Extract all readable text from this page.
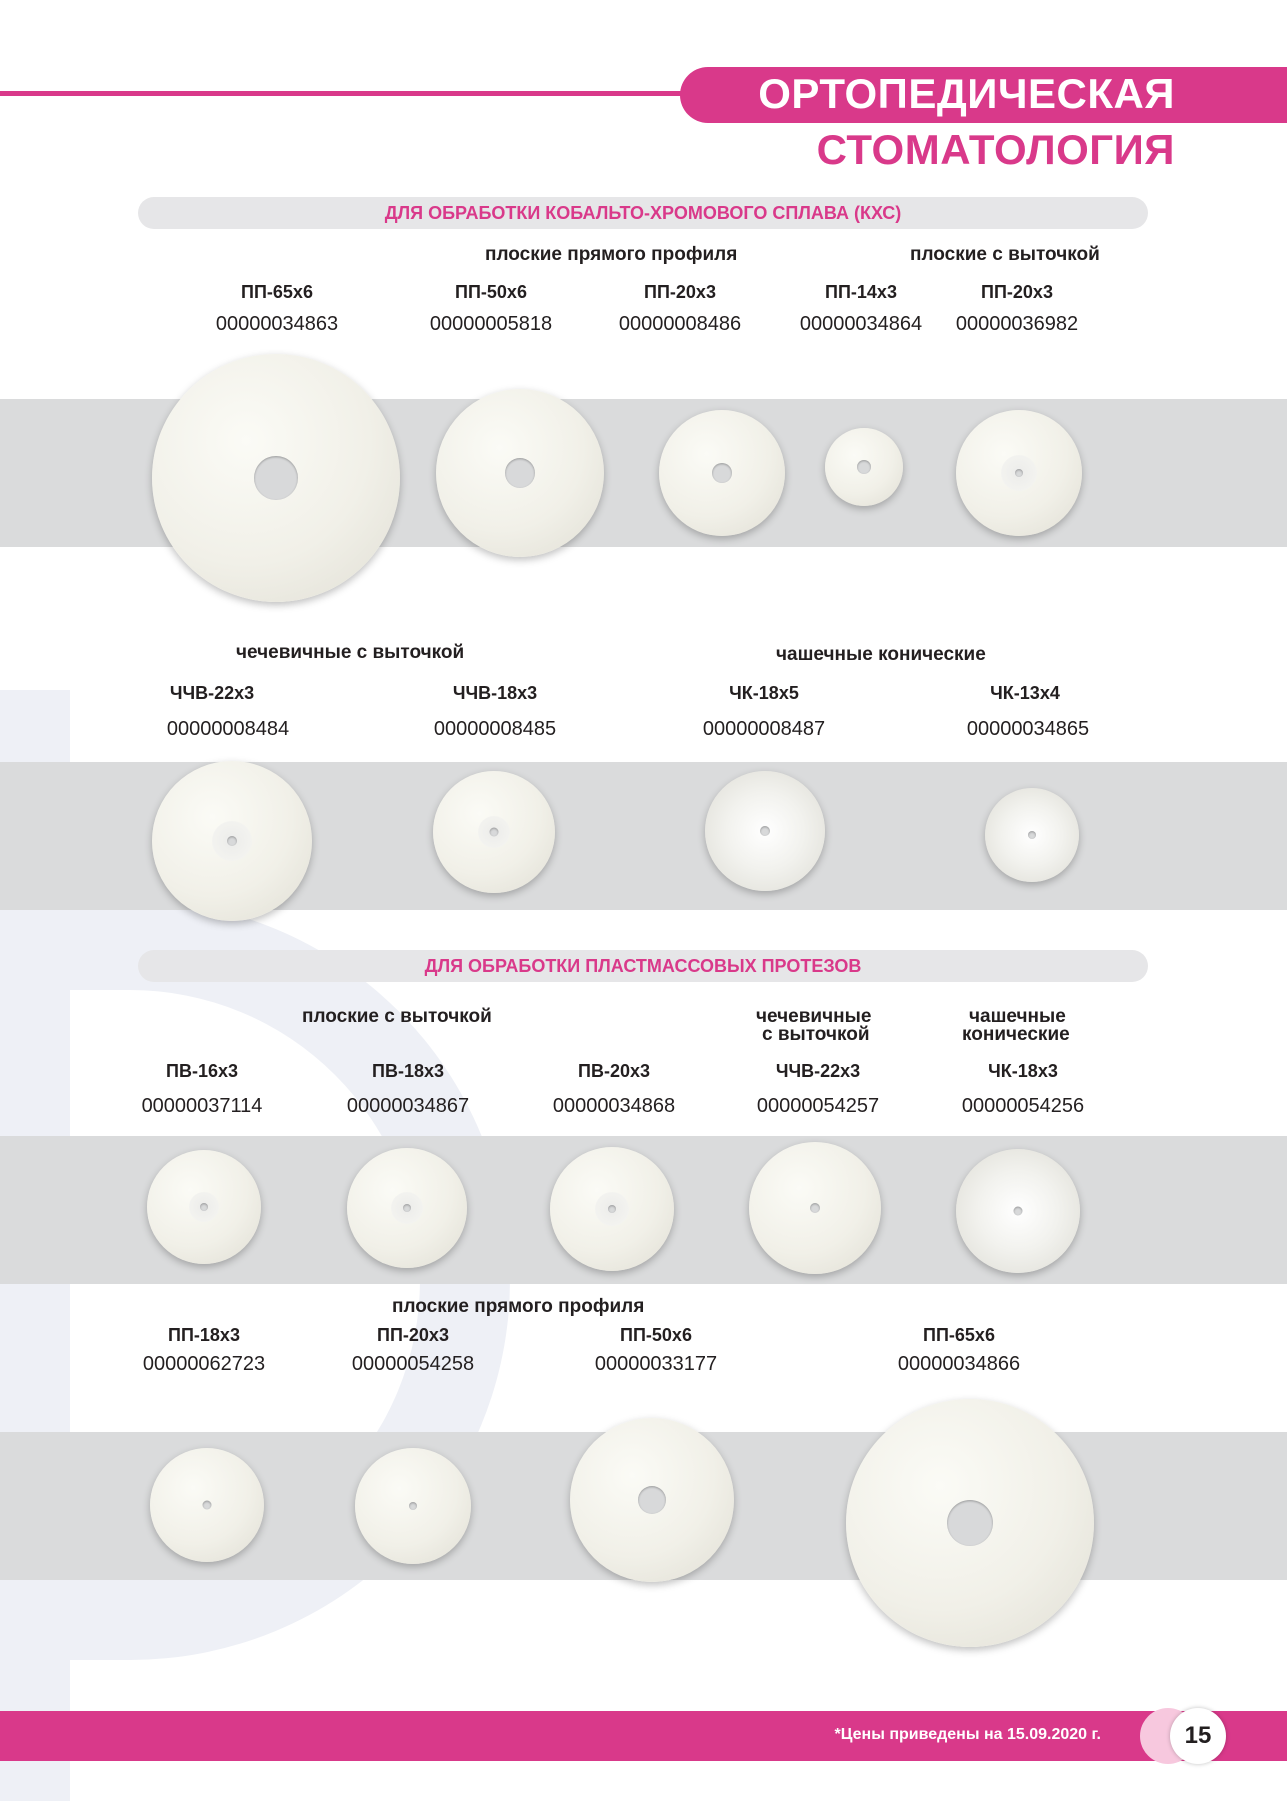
ОРТОПЕДИЧЕСКАЯ
СТОМАТОЛОГИЯ
ДЛЯ ОБРАБОТКИ КОБАЛЬТО-ХРОМОВОГО СПЛАВА (КХС)
плоские прямого профиля	плоские с выточкой
ПП-65х6	ПП-50х6	ПП-20х3	ПП-14х3	ПП-20х3
00000034863	00000005818	00000008486	00000034864 00000036982
чечевичные с выточкой	чашечные конические
ЧЧВ-22х3	ЧЧВ-18х3	ЧК-18х5	ЧК-13х4
00000008484	00000008485	00000008487	00000034865
ДЛЯ ОБРАБОТКИ ПЛАСТМАССОВЫХ ПРОТЕЗОВ
плоские с выточкой	чечевичные
с выточкой
чашечные
конические
ПВ-16х3	ПВ-18х3	ПВ-20х3	ЧЧВ-22х3	ЧК-18х3
00000037114	00000034867	00000034868	00000054257	00000054256
плоские прямого профиля
ПП-18х3	ПП-20х3	ПП-50х6	ПП-65х6
00000062723	00000054258	00000033177	00000034866
*Цены приведены на 15.09.2020 г.	15
